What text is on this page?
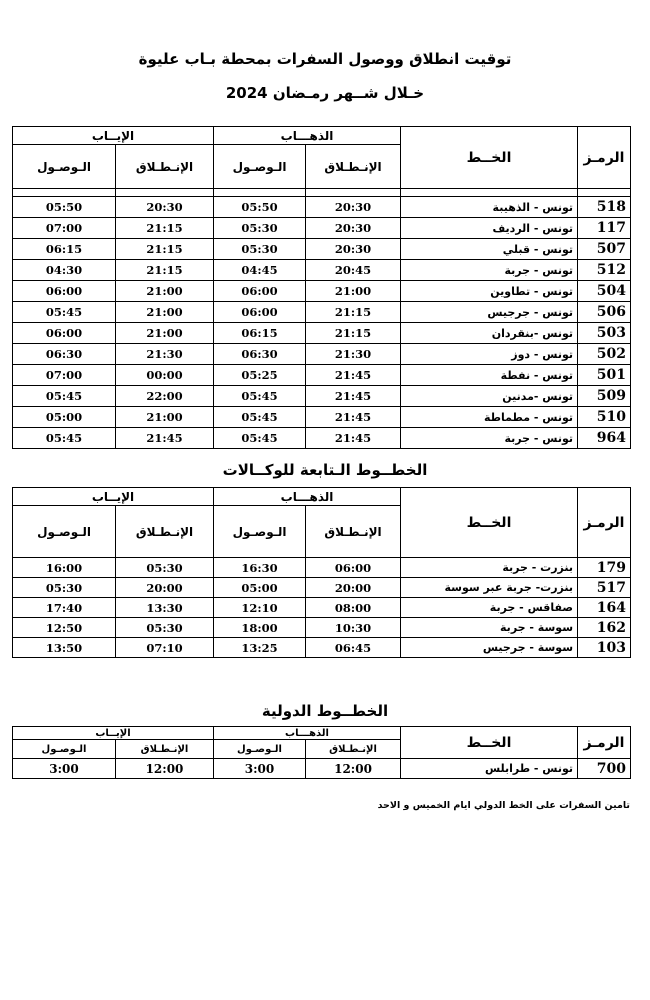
توقيت انطلاق ووصول السفرات بمحطة بـاب عليوة
خـلال شــهر رمـضان 2024
الرمـز	الخــط	الذهـــاب		الإيــاب	
		الإنـطـلاق	الـوصـول	الإنـطـلاق	الـوصـول

518	تونس - الذهيبة	20:30	05:50	20:30	05:50
117	تونس - الرديف	20:30	05:30	21:15	07:00
507	تونس - قبلي	20:30	05:30	21:15	06:15
512	تونس - جربة	20:45	04:45	21:15	04:30
504	تونس - تطاوين	21:00	06:00	21:00	06:00
506	تونس - جرجيس	21:15	06:00	21:00	05:45
503	تونس -بنقردان	21:15	06:15	21:00	06:00
502	تونس - دوز	21:30	06:30	21:30	06:30
501	تونس - نفطة	21:45	05:25	00:00	07:00
509	تونس -مدنين	21:45	05:45	22:00	05:45
510	تونس - مطماطة	21:45	05:45	21:00	05:00
964	تونس - جربة	21:45	05:45	21:45	05:45
الخطــوط الـتابعة للوكــالات
الرمـز	الخــط	الذهـــاب		الإيــاب	
		الإنـطـلاق	الـوصـول	الإنـطـلاق	الـوصـول
179	بنزرت - جربة	06:00	16:30	05:30	16:00
517	بنزرت- جربة عبر سوسة	20:00	05:00	20:00	05:30
164	صفاقس - جربة	08:00	12:10	13:30	17:40
162	سوسة - جربة	10:30	18:00	05:30	12:50
103	سوسة - جرجيس	06:45	13:25	07:10	13:50
الخطــوط الدولية
الرمـز	الخــط	الذهـــاب		الإيــاب	
		الإنـطـلاق	الـوصـول	الإنـطـلاق	الـوصـول
700	تونس - طرابلس	12:00	3:00	12:00	3:00
تامين السفرات على الخط الدولي ايام الخميس و الاحد
